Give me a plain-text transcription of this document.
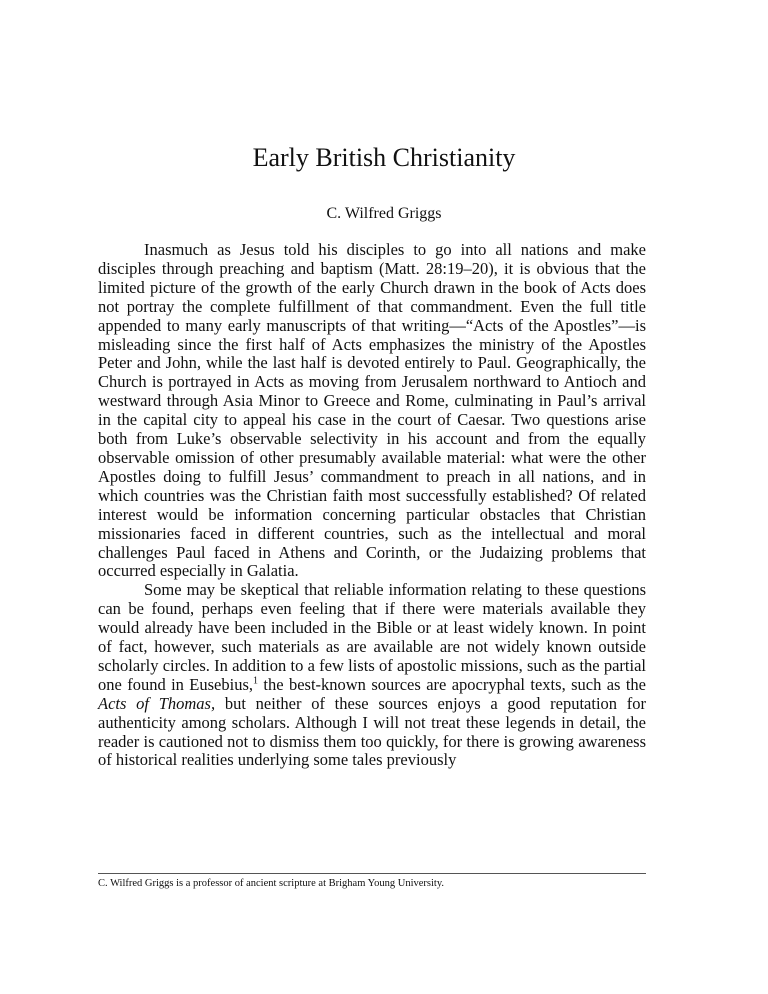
Early British Christianity

C. Wilfred Griggs

Inasmuch as Jesus told his disciples to go into all nations and make disciples through preaching and baptism (Matt. 28:19–20), it is obvious that the limited picture of the growth of the early Church drawn in the book of Acts does not portray the complete fulfillment of that commandment. Even the full title appended to many early manuscripts of that writing—“Acts of the Apostles”—is misleading since the first half of Acts emphasizes the ministry of the Apostles Peter and John, while the last half is devoted entirely to Paul. Geographically, the Church is portrayed in Acts as moving from Jerusalem northward to Antioch and westward through Asia Minor to Greece and Rome, culminating in Paul’s arrival in the capital city to appeal his case in the court of Caesar. Two questions arise both from Luke’s observable selectivity in his account and from the equally observable omission of other presumably available material: what were the other Apostles doing to fulfill Jesus’ commandment to preach in all nations, and in which countries was the Christian faith most successfully established? Of related interest would be information concerning particular obstacles that Christian missionaries faced in different countries, such as the intellectual and moral challenges Paul faced in Athens and Corinth, or the Judaizing problems that occurred especially in Galatia.

Some may be skeptical that reliable information relating to these questions can be found, perhaps even feeling that if there were materials available they would already have been included in the Bible or at least widely known. In point of fact, however, such materials as are available are not widely known outside scholarly circles. In addition to a few lists of apostolic missions, such as the partial one found in Eusebius,$^1$ the best-known sources are apocryphal texts, such as the Acts of Thomas, but neither of these sources enjoys a good reputation for authenticity among scholars. Although I will not treat these legends in detail, the reader is cautioned not to dismiss them too quickly, for there is growing awareness of historical realities underlying some tales previously

C. Wilfred Griggs is a professor of ancient scripture at Brigham Young University.
